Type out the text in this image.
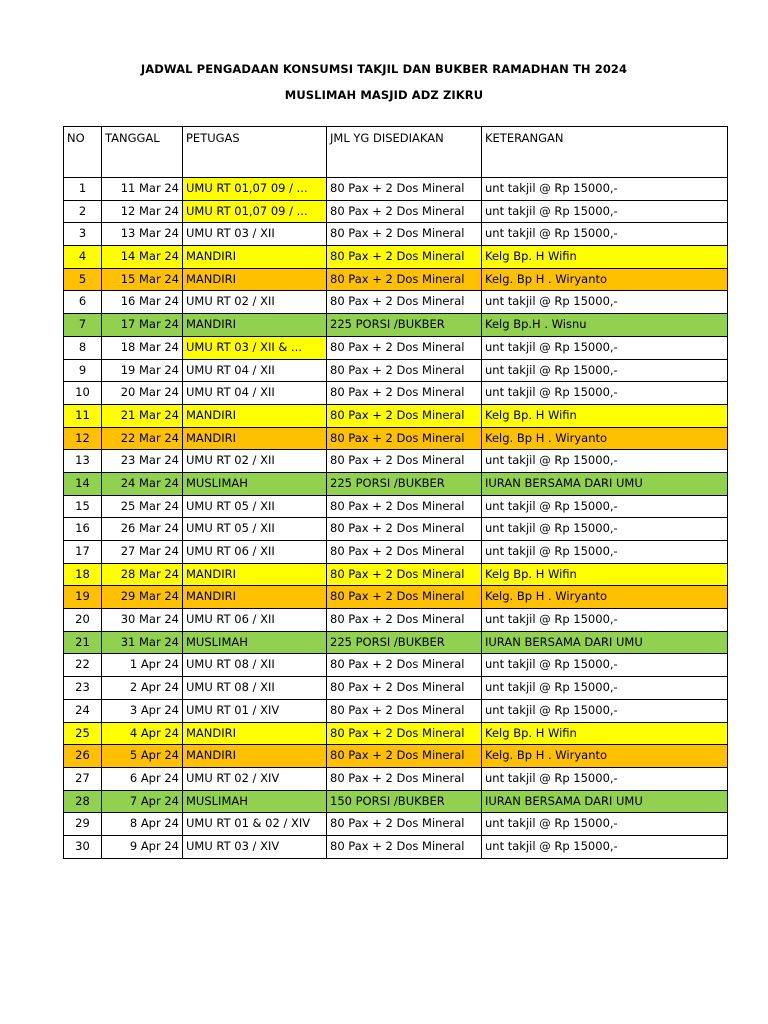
JADWAL PENGADAAN KONSUMSI TAKJIL DAN BUKBER RAMADHAN TH 2024
MUSLIMAH MASJID ADZ ZIKRU
NO	TANGGAL	PETUGAS	JML YG DISEDIAKAN	KETERANGAN
1	11 Mar 24	UMU RT 01,07 09 / ...	80 Pax + 2 Dos Mineral	unt takjil @ Rp 15000,-
2	12 Mar 24	UMU RT 01,07 09 / ...	80 Pax + 2 Dos Mineral	unt takjil @ Rp 15000,-
3	13 Mar 24	UMU RT 03 / XII	80 Pax + 2 Dos Mineral	unt takjil @ Rp 15000,-
4	14 Mar 24	MANDIRI	80 Pax + 2 Dos Mineral	Kelg Bp. H Wifin
5	15 Mar 24	MANDIRI	80 Pax + 2 Dos Mineral	Kelg. Bp H . Wiryanto
6	16 Mar 24	UMU RT 02 / XII	80 Pax + 2 Dos Mineral	unt takjil @ Rp 15000,-
7	17 Mar 24	MANDIRI	225 PORSI /BUKBER	Kelg Bp.H . Wisnu
8	18 Mar 24	UMU RT 03 / XII & ...	80 Pax + 2 Dos Mineral	unt takjil @ Rp 15000,-
9	19 Mar 24	UMU RT 04 / XII	80 Pax + 2 Dos Mineral	unt takjil @ Rp 15000,-
10	20 Mar 24	UMU RT 04 / XII	80 Pax + 2 Dos Mineral	unt takjil @ Rp 15000,-
11	21 Mar 24	MANDIRI	80 Pax + 2 Dos Mineral	Kelg Bp. H Wifin
12	22 Mar 24	MANDIRI	80 Pax + 2 Dos Mineral	Kelg. Bp H . Wiryanto
13	23 Mar 24	UMU RT 02 / XII	80 Pax + 2 Dos Mineral	unt takjil @ Rp 15000,-
14	24 Mar 24	MUSLIMAH	225 PORSI /BUKBER	IURAN BERSAMA DARI UMU
15	25 Mar 24	UMU RT 05 / XII	80 Pax + 2 Dos Mineral	unt takjil @ Rp 15000,-
16	26 Mar 24	UMU RT 05 / XII	80 Pax + 2 Dos Mineral	unt takjil @ Rp 15000,-
17	27 Mar 24	UMU RT 06 / XII	80 Pax + 2 Dos Mineral	unt takjil @ Rp 15000,-
18	28 Mar 24	MANDIRI	80 Pax + 2 Dos Mineral	Kelg Bp. H Wifin
19	29 Mar 24	MANDIRI	80 Pax + 2 Dos Mineral	Kelg. Bp H . Wiryanto
20	30 Mar 24	UMU RT 06 / XII	80 Pax + 2 Dos Mineral	unt takjil @ Rp 15000,-
21	31 Mar 24	MUSLIMAH	225 PORSI /BUKBER	IURAN BERSAMA DARI UMU
22	1 Apr 24	UMU RT 08 / XII	80 Pax + 2 Dos Mineral	unt takjil @ Rp 15000,-
23	2 Apr 24	UMU RT 08 / XII	80 Pax + 2 Dos Mineral	unt takjil @ Rp 15000,-
24	3 Apr 24	UMU RT 01 / XIV	80 Pax + 2 Dos Mineral	unt takjil @ Rp 15000,-
25	4 Apr 24	MANDIRI	80 Pax + 2 Dos Mineral	Kelg Bp. H Wifin
26	5 Apr 24	MANDIRI	80 Pax + 2 Dos Mineral	Kelg. Bp H . Wiryanto
27	6 Apr 24	UMU RT 02 / XIV	80 Pax + 2 Dos Mineral	unt takjil @ Rp 15000,-
28	7 Apr 24	MUSLIMAH	150 PORSI /BUKBER	IURAN BERSAMA DARI UMU
29	8 Apr 24	UMU RT 01 & 02 / XIV	80 Pax + 2 Dos Mineral	unt takjil @ Rp 15000,-
30	9 Apr 24	UMU RT 03 / XIV	80 Pax + 2 Dos Mineral	unt takjil @ Rp 15000,-
